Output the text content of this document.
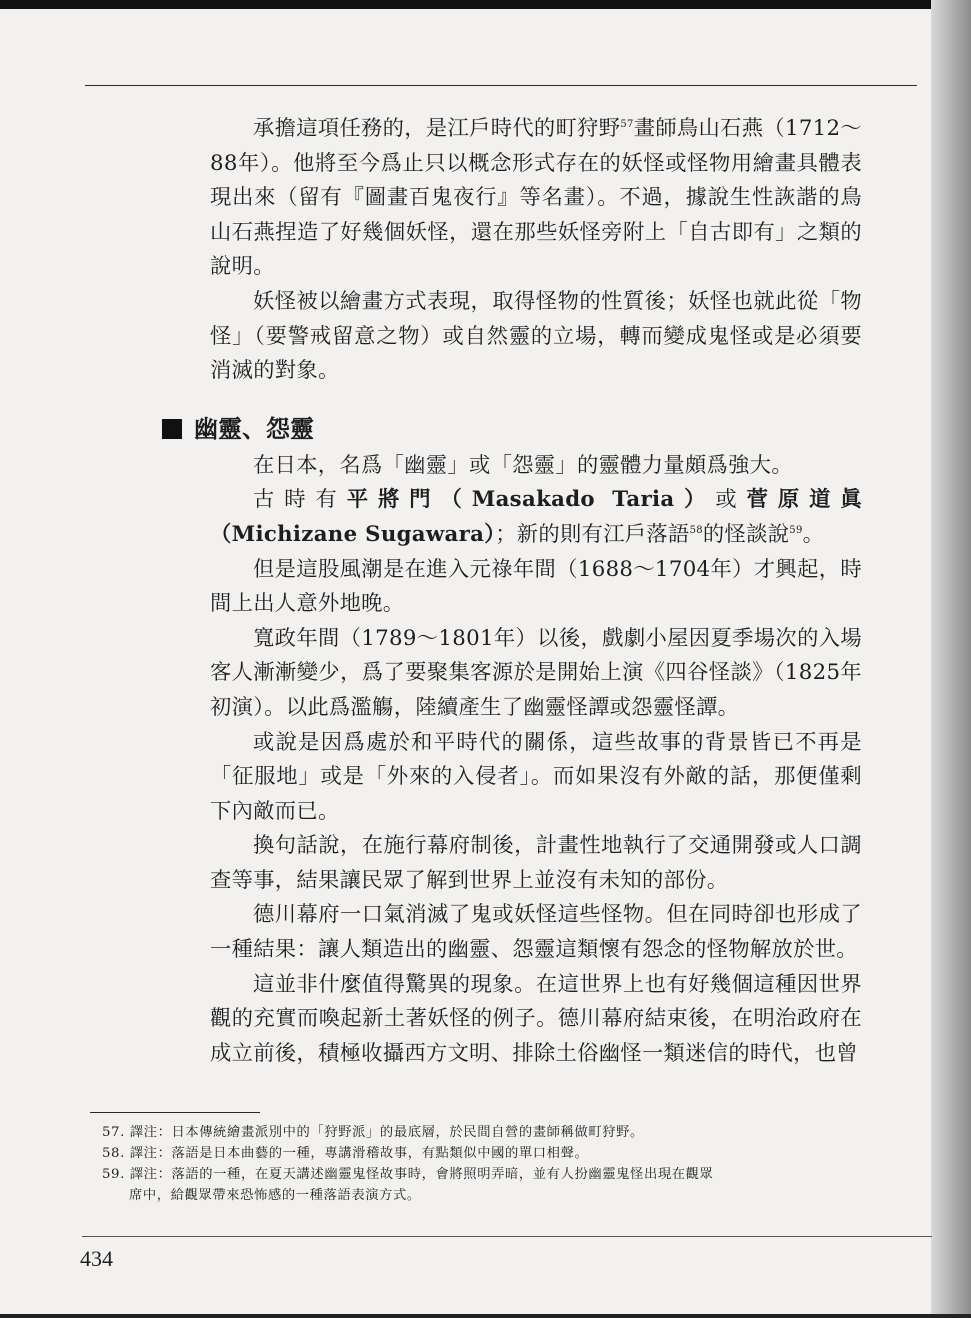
承擔這項任務的，是江戶時代的町狩野$^{57}$畫師鳥山石燕（1712～88年）。他將至今爲止只以概念形式存在的妖怪或怪物用繪畫具體表現出來（留有『圖畫百鬼夜行』等名畫）。不過，據說生性詼諧的鳥山石燕捏造了好幾個妖怪，還在那些妖怪旁附上「自古即有」之類的說明。

妖怪被以繪畫方式表現，取得怪物的性質後；妖怪也就此從「物怪」（要警戒留意之物）或自然靈的立場，轉而變成鬼怪或是必須要消滅的對象。

幽靈、怨靈

在日本，名爲「幽靈」或「怨靈」的靈體力量頗爲強大。

古時有平將門（Masakado Taria）或菅原道眞（Michizane Sugawara）；新的則有江戶落語$^{58}$的怪談說$^{59}$。

但是這股風潮是在進入元祿年間（1688～1704年）才興起，時間上出人意外地晚。

寬政年間（1789～1801年）以後，戲劇小屋因夏季場次的入場客人漸漸變少，爲了要聚集客源於是開始上演《四谷怪談》（1825年初演）。以此爲濫觴，陸續產生了幽靈怪譚或怨靈怪譚。

或說是因爲處於和平時代的關係，這些故事的背景皆已不再是「征服地」或是「外來的入侵者」。而如果沒有外敵的話，那便僅剩下內敵而已。

換句話說，在施行幕府制後，計畫性地執行了交通開發或人口調查等事，結果讓民眾了解到世界上並沒有未知的部份。

德川幕府一口氣消滅了鬼或妖怪這些怪物。但在同時卻也形成了一種結果：讓人類造出的幽靈、怨靈這類懷有怨念的怪物解放於世。

這並非什麼值得驚異的現象。在這世界上也有好幾個這種因世界觀的充實而喚起新土著妖怪的例子。德川幕府結束後，在明治政府在成立前後，積極收攝西方文明、排除土俗幽怪一類迷信的時代，也曾

57. 譯注：日本傳統繪畫派別中的「狩野派」的最底層，於民間自營的畫師稱做町狩野。

58. 譯注：落語是日本曲藝的一種，專講滑稽故事，有點類似中國的單口相聲。

59. 譯注：落語的一種，在夏天講述幽靈鬼怪故事時，會將照明弄暗，並有人扮幽靈鬼怪出現在觀眾

席中，給觀眾帶來恐怖感的一種落語表演方式。

434
